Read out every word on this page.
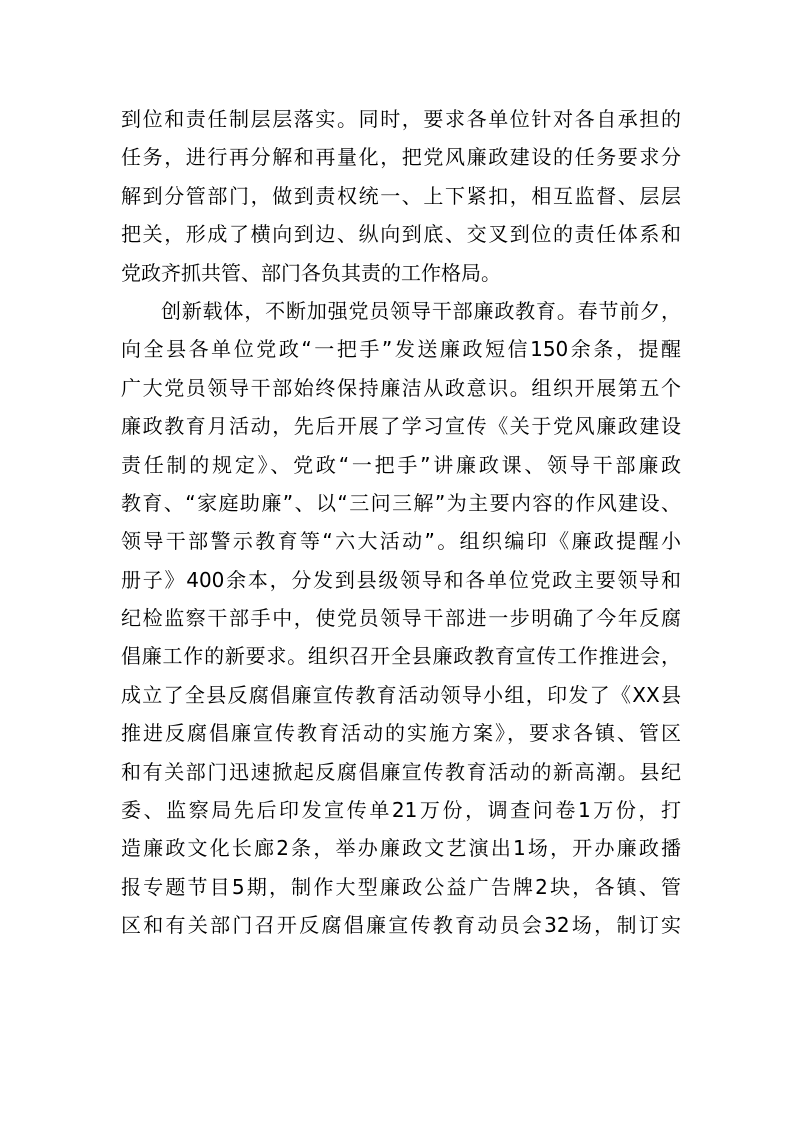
到位和责任制层层落实。同时，要求各单位针对各自承担的
任务，进行再分解和再量化，把党风廉政建设的任务要求分
解到分管部门，做到责权统一、上下紧扣，相互监督、层层
把关，形成了横向到边、纵向到底、交叉到位的责任体系和
党政齐抓共管、部门各负其责的工作格局。
创新载体，不断加强党员领导干部廉政教育。春节前夕，
向全县各单位党政“一把手”发送廉政短信150余条，提醒
广大党员领导干部始终保持廉洁从政意识。组织开展第五个
廉政教育月活动，先后开展了学习宣传《关于党风廉政建设
责任制的规定》、党政“一把手”讲廉政课、领导干部廉政
教育、“家庭助廉”、以“三问三解”为主要内容的作风建设、
领导干部警示教育等“六大活动”。组织编印《廉政提醒小
册子》400余本，分发到县级领导和各单位党政主要领导和
纪检监察干部手中，使党员领导干部进一步明确了今年反腐
倡廉工作的新要求。组织召开全县廉政教育宣传工作推进会，
成立了全县反腐倡廉宣传教育活动领导小组，印发了《XX县
推进反腐倡廉宣传教育活动的实施方案》，要求各镇、管区
和有关部门迅速掀起反腐倡廉宣传教育活动的新高潮。县纪
委、监察局先后印发宣传单21万份，调查问卷1万份，打
造廉政文化长廊2条，举办廉政文艺演出1场，开办廉政播
报专题节目5期，制作大型廉政公益广告牌2块，各镇、管
区和有关部门召开反腐倡廉宣传教育动员会32场，制订实
